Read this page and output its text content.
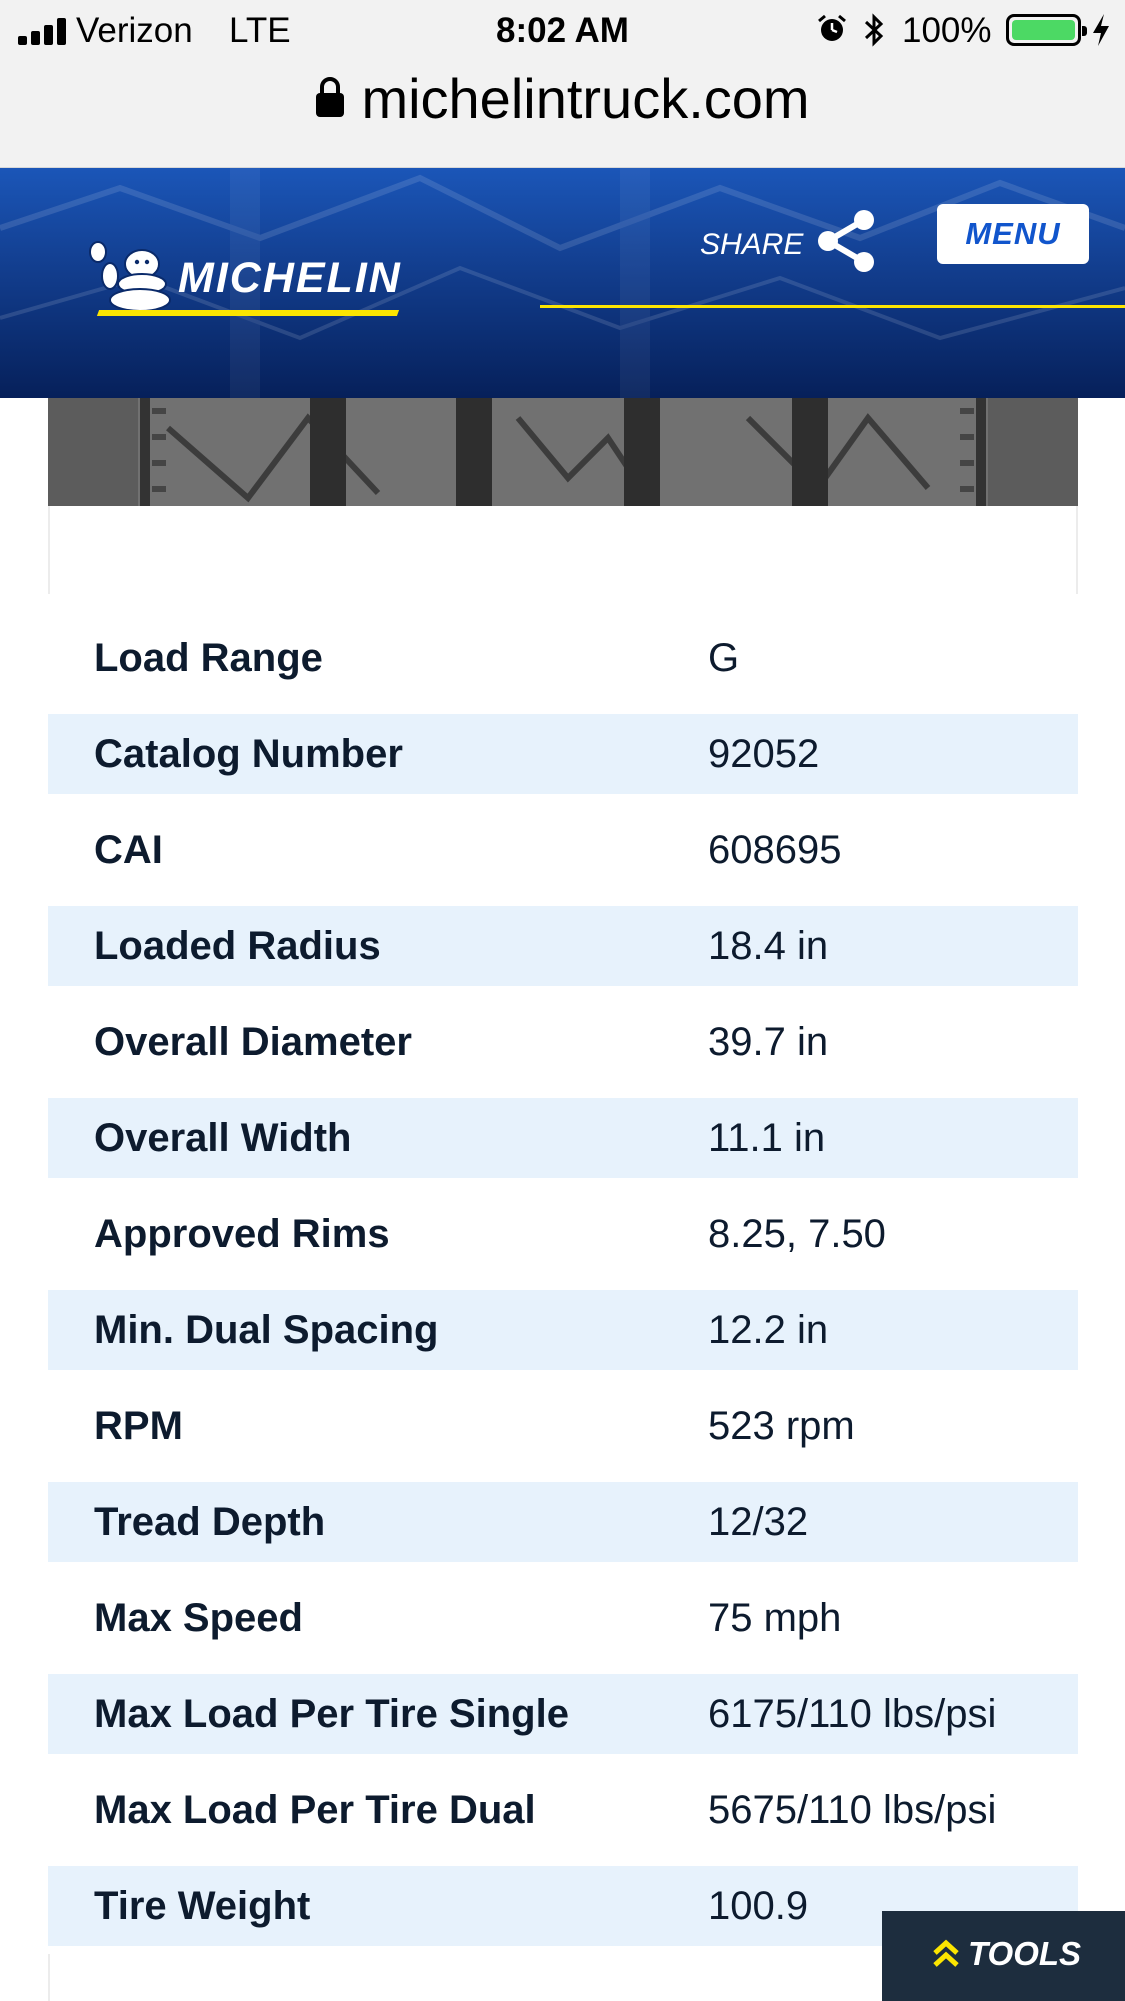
Verizon LTE	8:02 AM	100%
michelintruck.com
MICHELIN
SHARE	MENU
Load Range	G
Catalog Number	92052
CAI	608695
Loaded Radius	18.4 in
Overall Diameter	39.7 in
Overall Width	11.1 in
Approved Rims	8.25, 7.50
Min. Dual Spacing	12.2 in
RPM	523 rpm
Tread Depth	12/32
Max Speed	75 mph
Max Load Per Tire Single	6175/110 lbs/psi
Max Load Per Tire Dual	5675/110 lbs/psi
Tire Weight	100.9
TOOLS
